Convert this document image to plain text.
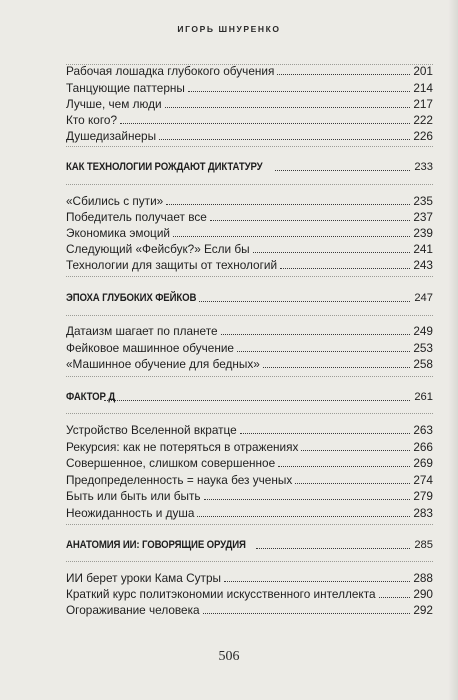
ИГОРЬ ШНУРЕНКО
Рабочая лошадка глубокого обучения	201
Танцующие паттерны	214
Лучше, чем люди	217
Кто кого?	222
Душедизайнеры	226
КАК ТЕХНОЛОГИИ РОЖДАЮТ ДИКТАТУРУ	233
«Сбились с пути»	235
Победитель получает все	237
Экономика эмоций	239
Следующий «Фейсбук?» Если бы	241
Технологии для защиты от технологий	243
ЭПОХА ГЛУБОКИХ ФЕЙКОВ	247
Датаизм шагает по планете	249
Фейковое машинное обучение	253
«Машинное обучение для бедных»	258
ФАКТОР Д	261
Устройство Вселенной вкратце	263
Рекурсия: как не потеряться в отражениях	266
Совершенное, слишком совершенное	269
Предопределенность = наука без ученых	274
Быть или быть или быть	279
Неожиданность и душа	283
АНАТОМИЯ ИИ: ГОВОРЯЩИЕ ОРУДИЯ	285
ИИ берет уроки Кама Сутры	288
Краткий курс политэкономии искусственного интеллекта	290
Огораживание человека	292
506
